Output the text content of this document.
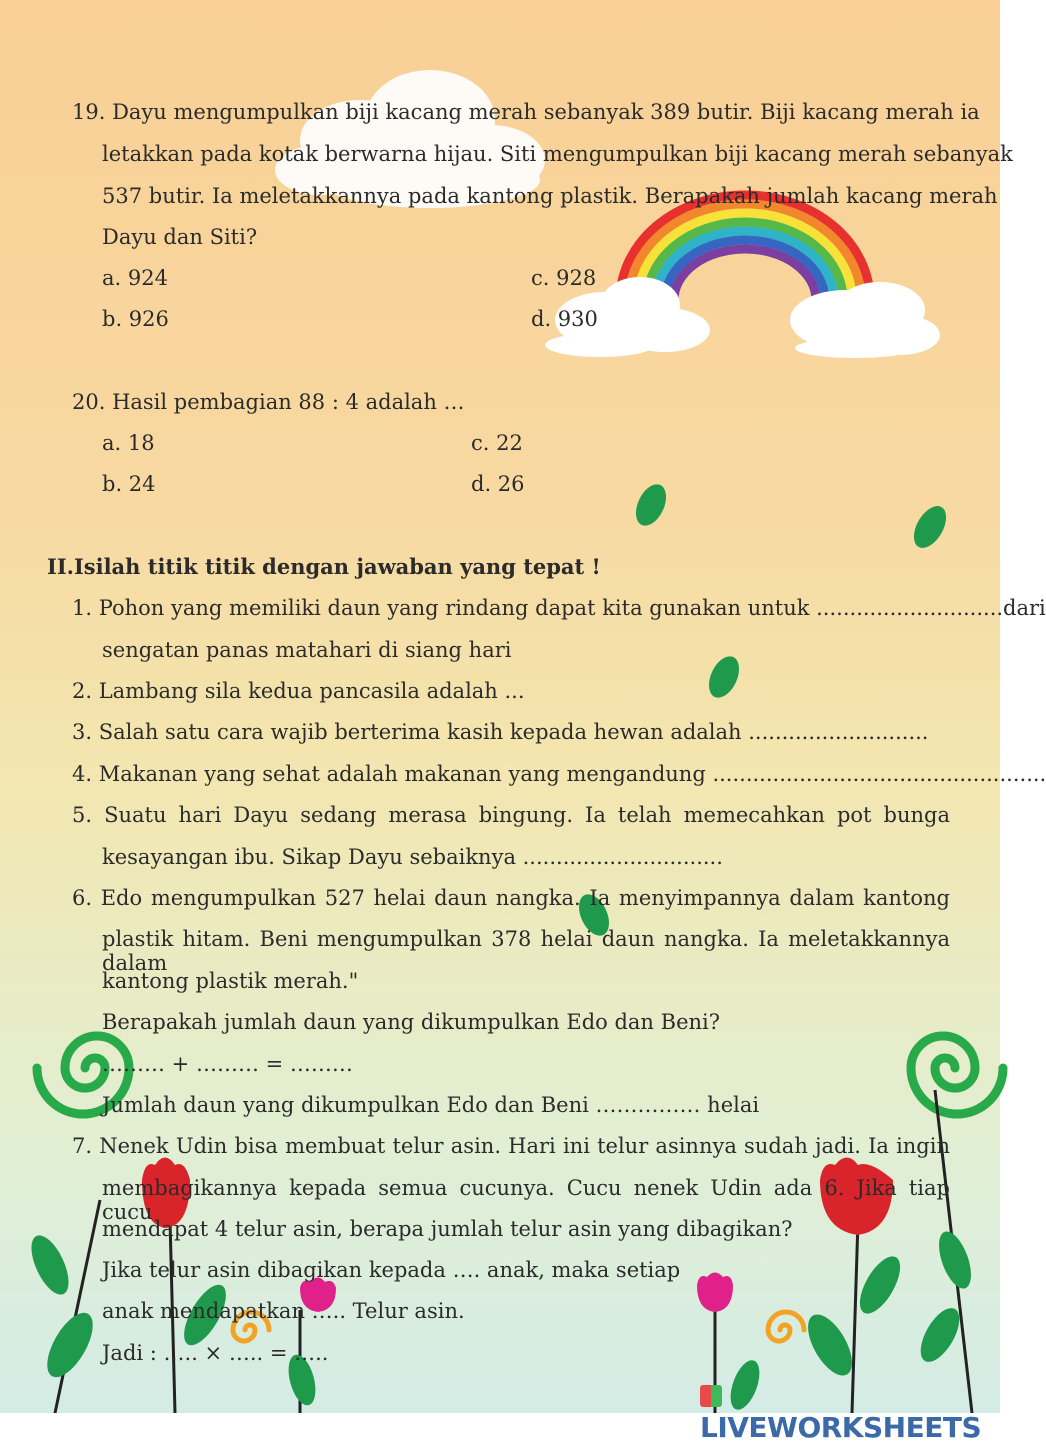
19. Dayu mengumpulkan biji kacang merah sebanyak 389 butir. Biji kacang merah ia
letakkan pada kotak berwarna hijau. Siti mengumpulkan biji kacang merah sebanyak
537 butir. Ia meletakkannya pada kantong plastik. Berapakah jumlah kacang merah
Dayu dan Siti?
a. 924
b. 926
c. 928
d. 930
20. Hasil pembagian 88 : 4 adalah …
a. 18
b. 24
c. 22
d. 26
II.Isilah titik titik dengan jawaban yang tepat !
1. Pohon yang memiliki daun yang rindang dapat kita gunakan untuk ............................dari
sengatan panas matahari di siang hari
2. Lambang sila kedua pancasila adalah ...
3. Salah satu cara wajib berterima kasih kepada hewan adalah ...........................
4. Makanan yang sehat adalah makanan yang mengandung ..................................................
5. Suatu hari Dayu sedang merasa bingung. Ia telah memecahkan pot bunga
kesayangan ibu. Sikap Dayu sebaiknya ..............................
6. Edo mengumpulkan 527 helai daun nangka. Ia menyimpannya dalam kantong
plastik hitam. Beni mengumpulkan 378 helai daun nangka. Ia meletakkannya dalam
kantong plastik merah."
Berapakah jumlah daun yang dikumpulkan Edo dan Beni?
……… + ……… = ………
Jumlah daun yang dikumpulkan Edo dan Beni …………… helai
7. Nenek Udin bisa membuat telur asin. Hari ini telur asinnya sudah jadi. Ia ingin
membagikannya kepada semua cucunya. Cucu nenek Udin ada 6. Jika tiap cucu
mendapat 4 telur asin, berapa jumlah telur asin yang dibagikan?
Jika telur asin dibagikan kepada …. anak, maka setiap
anak mendapatkan ….. Telur asin.
Jadi : ….. × ….. = …..
LIVEWORKSHEETS
